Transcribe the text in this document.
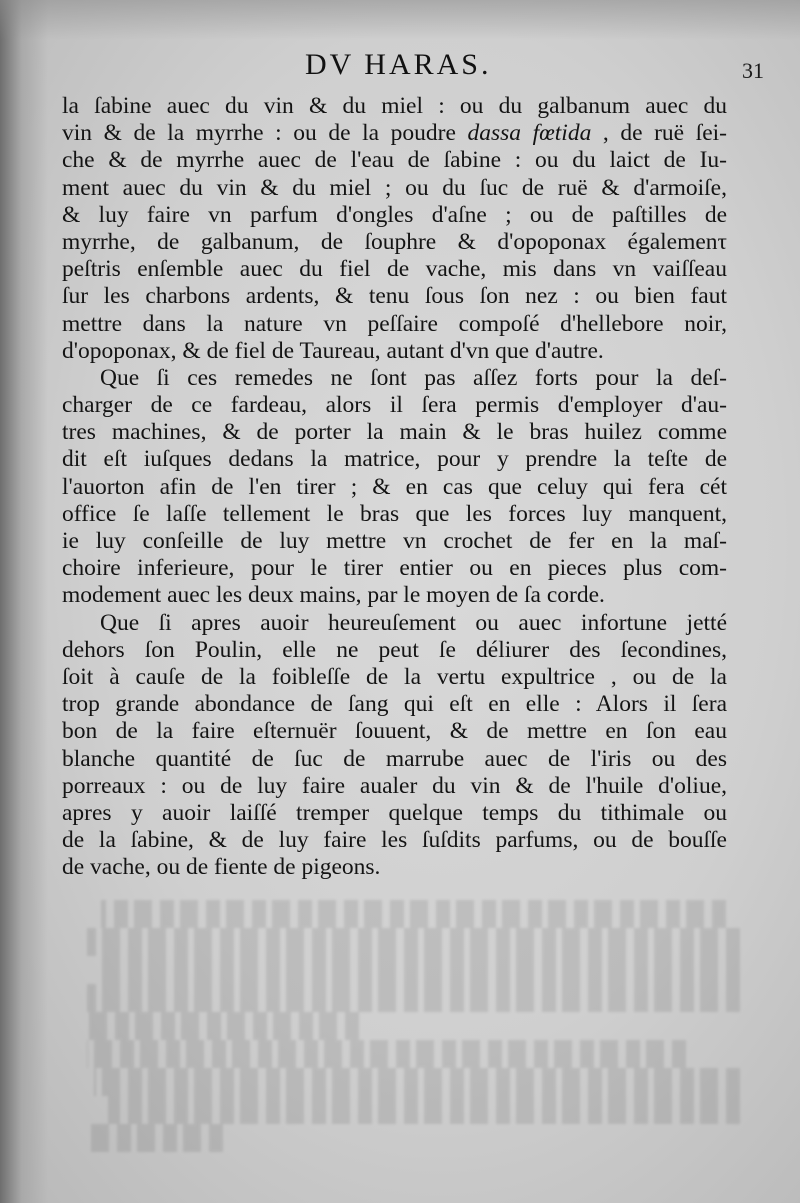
DV HARAS.	31
la ſabine auec du vin & du miel : ou du galbanum auec du
vin & de la myrrhe : ou de la poudre dassa fœtida , de ruë ſei-
che & de myrrhe auec de l'eau de ſabine : ou du laict de Iu-
ment auec du vin & du miel ; ou du ſuc de ruë & d'armoiſe,
& luy faire vn parfum d'ongles d'aſne ; ou de paſtilles de
myrrhe, de galbanum, de ſouphre & d'opoponax égalemenτ
peſtris enſemble auec du fiel de vache, mis dans vn vaiſſeau
ſur les charbons ardents, & tenu ſous ſon nez : ou bien faut
mettre dans la nature vn peſſaire compoſé d'hellebore noir,
d'opoponax, & de fiel de Taureau, autant d'vn que d'autre.
Que ſi ces remedes ne ſont pas aſſez forts pour la deſ-
charger de ce fardeau, alors il ſera permis d'employer d'au-
tres machines, & de porter la main & le bras huilez comme
dit eſt iuſques dedans la matrice, pour y prendre la teſte de
l'auorton afin de l'en tirer ; & en cas que celuy qui fera cét
office ſe laſſe tellement le bras que les forces luy manquent,
ie luy conſeille de luy mettre vn crochet de fer en la maſ-
choire inferieure, pour le tirer entier ou en pieces plus com-
modement auec les deux mains, par le moyen de ſa corde.
Que ſi apres auoir heureuſement ou auec infortune jetté
dehors ſon Poulin, elle ne peut ſe déliurer des ſecondines,
ſoit à cauſe de la foibleſſe de la vertu expultrice , ou de la
trop grande abondance de ſang qui eſt en elle : Alors il ſera
bon de la faire eſternuër ſouuent, & de mettre en ſon eau
blanche quantité de ſuc de marrube auec de l'iris ou des
porreaux : ou de luy faire aualer du vin & de l'huile d'oliue,
apres y auoir laiſſé tremper quelque temps du tithimale ou
de la ſabine, & de luy faire les ſuſdits parfums, ou de bouſſe
de vache, ou de fiente de pigeons.
